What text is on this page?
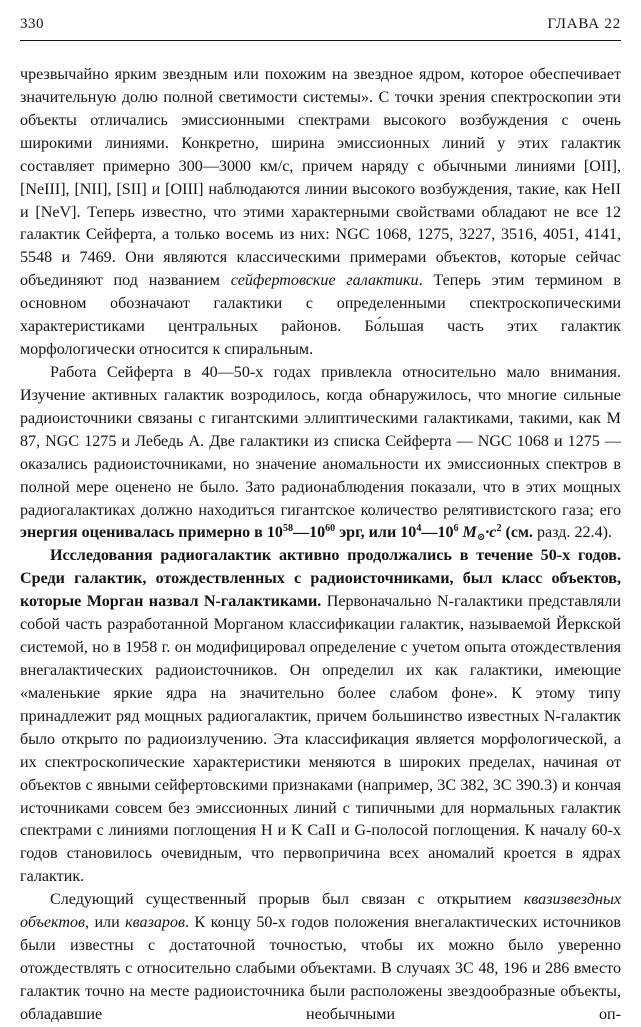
330	ГЛАВА 22

чрезвычайно ярким звездным или похожим на звездное ядром, которое обеспечивает значительную долю полной светимости системы». С точки зрения спектроскопии эти объекты отличались эмиссионными спектрами высокого возбуждения с очень широкими линиями. Конкретно, ширина эмиссионных линий у этих галактик составляет примерно 300—3000 км/с, причем наряду с обычными линиями [OII], [NeIII], [NII], [SII] и [OIII] наблюдаются линии высокого возбуждения, такие, как HeII и [NeV]. Теперь известно, что этими характерными свойствами обладают не все 12 галактик Сейферта, а только восемь из них: NGC 1068, 1275, 3227, 3516, 4051, 4141, 5548 и 7469. Они являются классическими примерами объектов, которые сейчас объединяют под названием сейфертовские галактики. Теперь этим термином в основном обозначают галактики с определенными спектроскопическими характеристиками центральных районов. Бо́льшая часть этих галактик морфологически относится к спиральным.

Работа Сейферта в 40—50-х годах привлекла относительно мало внимания. Изучение активных галактик возродилось, когда обнаружилось, что многие сильные радиоисточники связаны с гигантскими эллиптическими галактиками, такими, как M 87, NGC 1275 и Лебедь А. Две галактики из списка Сейферта — NGC 1068 и 1275 — оказались радиоисточниками, но значение аномальности их эмиссионных спектров в полной мере оценено не было. Зато радионаблюдения показали, что в этих мощных радиогалактиках должно находиться гигантское количество релятивистского газа; его энергия оценивалась примерно в $10^{58}—10^{60}$ эрг, или $10^4—10^6$ $M_⊙\cdot c^2$ (см. разд. 22.4).

Исследования радиогалактик активно продолжались в течение 50-х годов. Среди галактик, отождествленных с радиоисточниками, был класс объектов, которые Морган назвал N-галактиками. Первоначально N-галактики представляли собой часть разработанной Морганом классификации галактик, называемой Йеркской системой, но в 1958 г. он модифицировал определение с учетом опыта отождествления внегалактических радиоисточников. Он определил их как галактики, имеющие «маленькие яркие ядра на значительно более слабом фоне». К этому типу принадлежит ряд мощных радиогалактик, причем большинство известных N-галактик было открыто по радиоизлучению. Эта классификация является морфологической, а их спектроскопические характеристики меняются в широких пределах, начиная от объектов с явными сейфертовскими признаками (например, 3C 382, 3C 390.3) и кончая источниками совсем без эмиссионных линий с типичными для нормальных галактик спектрами с линиями поглощения H и K CaII и G-полосой поглощения. К началу 60-х годов становилось очевидным, что первопричина всех аномалий кроется в ядрах галактик.

Следующий существенный прорыв был связан с открытием квазизвездных объектов, или квазаров. К концу 50-х годов положения внегалактических источников были известны с достаточной точностью, чтобы их можно было уверенно отождествлять с относительно слабыми объектами. В случаях 3C 48, 196 и 286 вместо галактик точно на месте радиоисточника были расположены звездообразные объекты, обладавшие необычными оп-
